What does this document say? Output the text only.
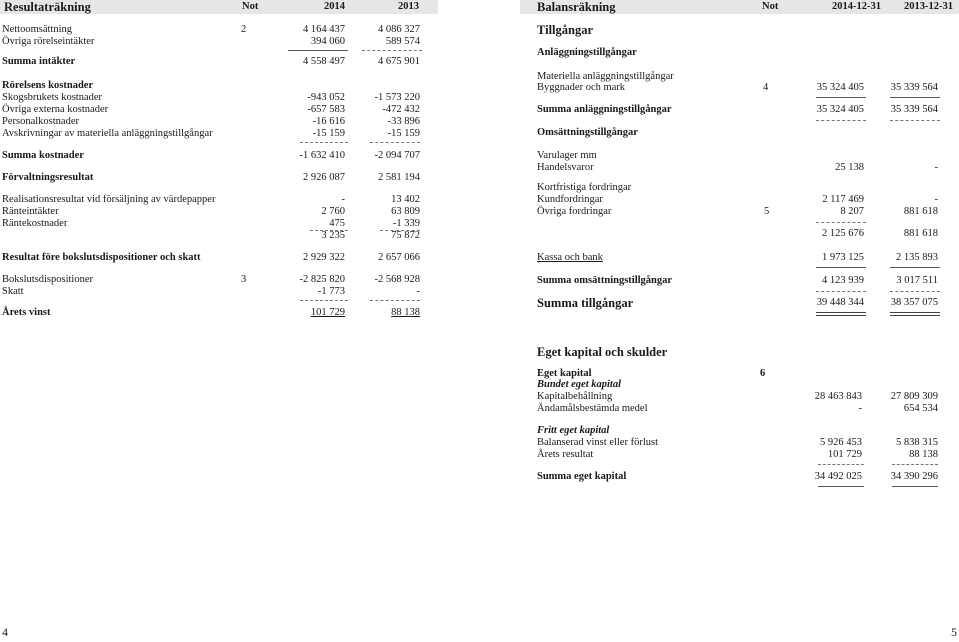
Resultaträkning	Not	2014	2013
Nettoomsättning	2	4 164 437	4 086 327
Övriga rörelseintäkter	394 060	589 574
Summa intäkter	4 558 497	4 675 901
Rörelsens kostnader
Skogsbrukets kostnader	-943 052	-1 573 220
Övriga externa kostnader	-657 583	-472 432
Personalkostnader	-16 616	-33 896
Avskrivningar av materiella anläggningstillgångar	-15 159	-15 159
Summa kostnader	-1 632 410	-2 094 707
Förvaltningsresultat	2 926 087	2 581 194
Realisationsresultat vid försäljning av värdepapper	-	13 402
Ränteintäkter	2 760	63 809
Räntekostnader	475	-1 339
3 235	75 872
Resultat före bokslutsdispositioner och skatt	2 929 322	2 657 066
Bokslutsdispositioner	3	-2 825 820	-2 568 928
Skatt	-1 773	-
Årets vinst	101 729	88 138
Balansräkning	Not	2014-12-31 2013-12-31
Tillgångar
Anläggningstillgångar
Materiella anläggningstillgångar
Byggnader och mark	4	35 324 405	35 339 564
Summa anläggningstillgångar	35 324 405	35 339 564
Omsättningstillgångar
Varulager mm
Handelsvaror	25 138	-
Kortfristiga fordringar
Kundfordringar	2 117 469	-
Övriga fordringar	5	8 207	881 618
2 125 676	881 618
Kassa och bank	1 973 125	2 135 893
Summa omsättningstillgångar	4 123 939	3 017 511
Summa tillgångar	39 448 344	38 357 075
Eget kapital och skulder
Eget kapital	6
Bundet eget kapital
Kapitalbehållning	28 463 843	27 809 309
Ändamålsbestämda medel	-	654 534
Fritt eget kapital
Balanserad vinst eller förlust	5 926 453	5 838 315
Årets resultat	101 729	88 138
Summa eget kapital	34 492 025	34 390 296
4	5
